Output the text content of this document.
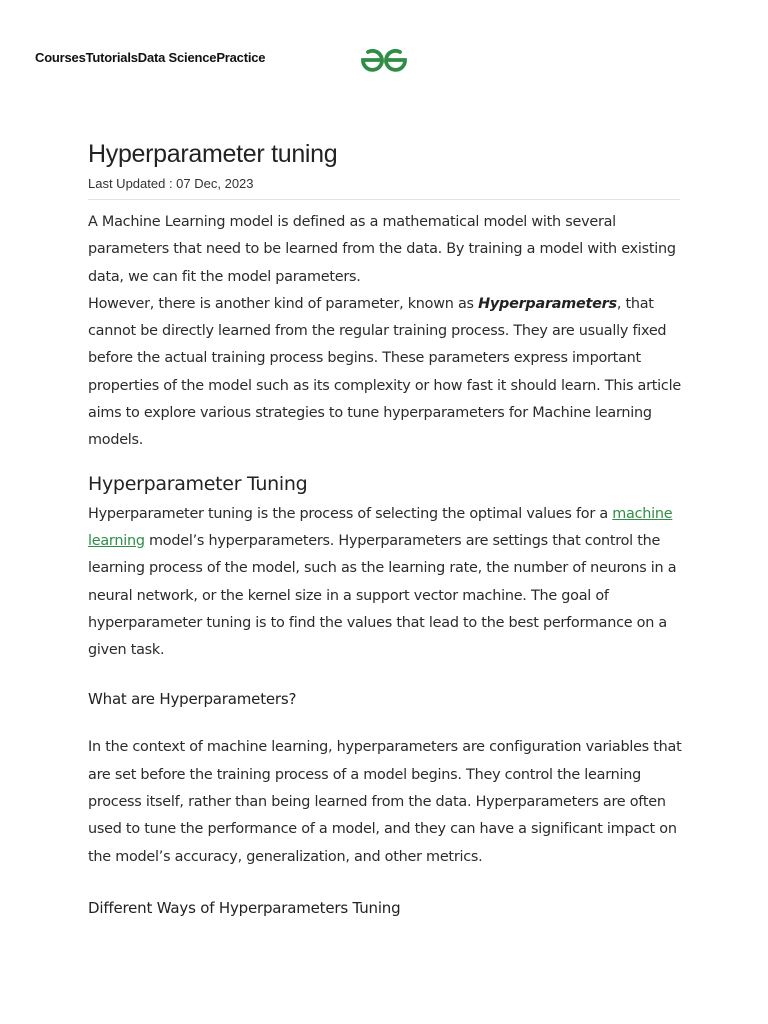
Courses Tutorials Data Science Practice
Hyperparameter tuning
Last Updated : 07 Dec, 2023

A Machine Learning model is defined as a mathematical model with several parameters that need to be learned from the data. By training a model with existing data, we can fit the model parameters.

However, there is another kind of parameter, known as Hyperparameters, that cannot be directly learned from the regular training process. They are usually fixed before the actual training process begins. These parameters express important properties of the model such as its complexity or how fast it should learn. This article aims to explore various strategies to tune hyperparameters for Machine learning models.

Hyperparameter Tuning

Hyperparameter tuning is the process of selecting the optimal values for a machine learning model’s hyperparameters. Hyperparameters are settings that control the learning process of the model, such as the learning rate, the number of neurons in a neural network, or the kernel size in a support vector machine. The goal of hyperparameter tuning is to find the values that lead to the best performance on a given task.

What are Hyperparameters?

In the context of machine learning, hyperparameters are configuration variables that are set before the training process of a model begins. They control the learning process itself, rather than being learned from the data. Hyperparameters are often used to tune the performance of a model, and they can have a significant impact on the model’s accuracy, generalization, and other metrics.

Different Ways of Hyperparameters Tuning
